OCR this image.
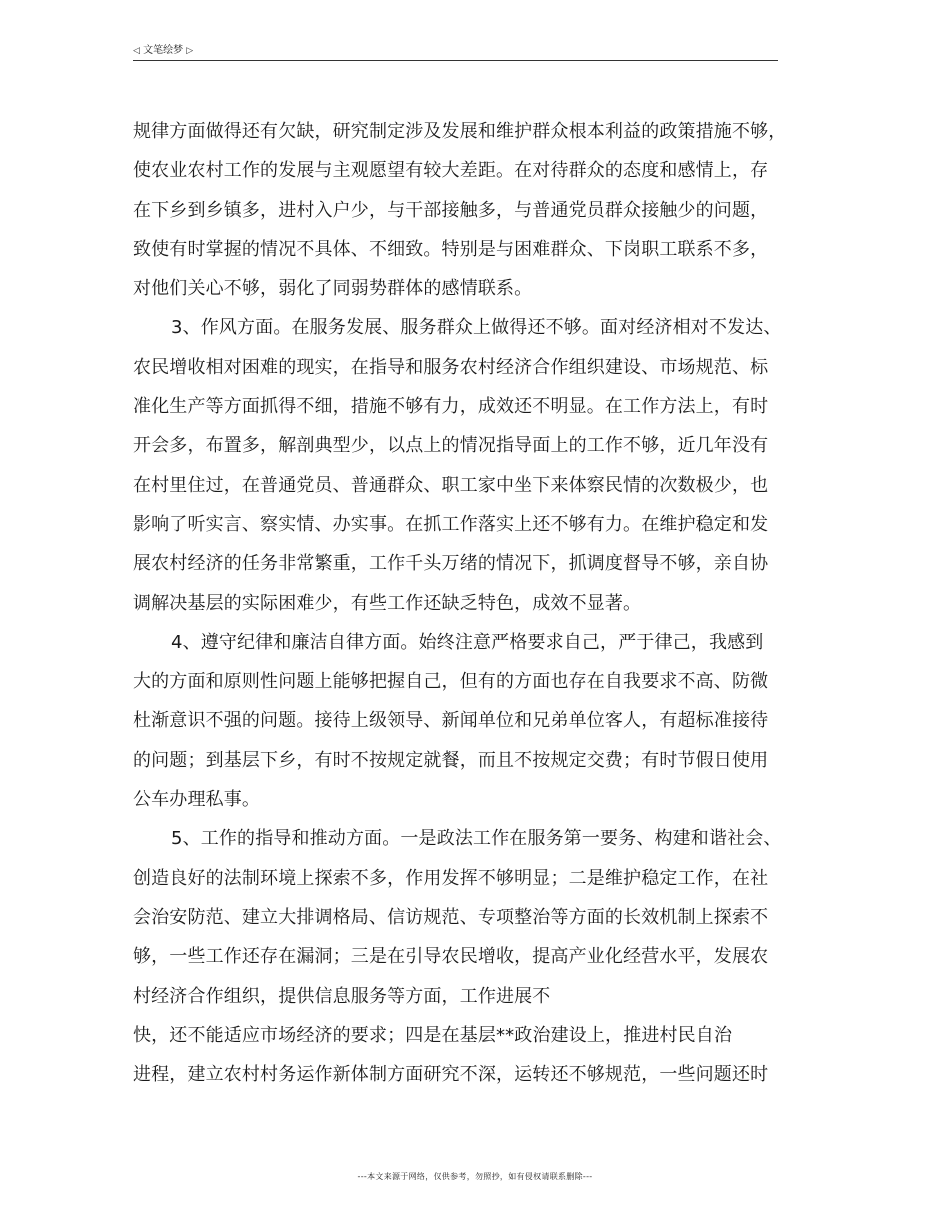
◁ 文笔绘梦 ▷
规律方面做得还有欠缺，研究制定涉及发展和维护群众根本利益的政策措施不够，
使农业农村工作的发展与主观愿望有较大差距。在对待群众的态度和感情上，存
在下乡到乡镇多，进村入户少，与干部接触多，与普通党员群众接触少的问题，
致使有时掌握的情况不具体、不细致。特别是与困难群众、下岗职工联系不多，
对他们关心不够，弱化了同弱势群体的感情联系。
3、作风方面。在服务发展、服务群众上做得还不够。面对经济相对不发达、
农民增收相对困难的现实，在指导和服务农村经济合作组织建设、市场规范、标
准化生产等方面抓得不细，措施不够有力，成效还不明显。在工作方法上，有时
开会多，布置多，解剖典型少，以点上的情况指导面上的工作不够，近几年没有
在村里住过，在普通党员、普通群众、职工家中坐下来体察民情的次数极少，也
影响了听实言、察实情、办实事。在抓工作落实上还不够有力。在维护稳定和发
展农村经济的任务非常繁重，工作千头万绪的情况下，抓调度督导不够，亲自协
调解决基层的实际困难少，有些工作还缺乏特色，成效不显著。
4、遵守纪律和廉洁自律方面。始终注意严格要求自己，严于律己，我感到
大的方面和原则性问题上能够把握自己，但有的方面也存在自我要求不高、防微
杜渐意识不强的问题。接待上级领导、新闻单位和兄弟单位客人，有超标准接待
的问题；到基层下乡，有时不按规定就餐，而且不按规定交费；有时节假日使用
公车办理私事。
5、工作的指导和推动方面。一是政法工作在服务第一要务、构建和谐社会、
创造良好的法制环境上探索不多，作用发挥不够明显；二是维护稳定工作，在社
会治安防范、建立大排调格局、信访规范、专项整治等方面的长效机制上探索不
够，一些工作还存在漏洞；三是在引导农民增收，提高产业化经营水平，发展农
村经济合作组织，提供信息服务等方面，工作进展不
快，还不能适应市场经济的要求；四是在基层**政治建设上，推进村民自治
进程，建立农村村务运作新体制方面研究不深，运转还不够规范，一些问题还时
---本文来源于网络，仅供参考，勿照抄，如有侵权请联系删除---
